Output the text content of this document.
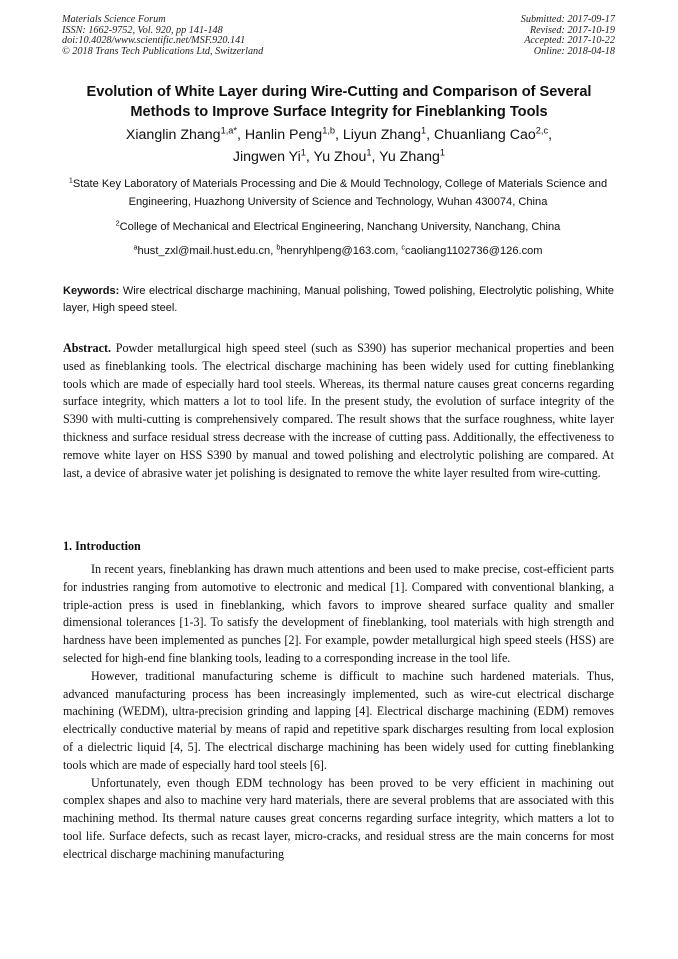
Materials Science Forum
ISSN: 1662-9752, Vol. 920, pp 141-148
doi:10.4028/www.scientific.net/MSF.920.141
© 2018 Trans Tech Publications Ltd, Switzerland
Submitted: 2017-09-17
Revised: 2017-10-19
Accepted: 2017-10-22
Online: 2018-04-18
Evolution of White Layer during Wire-Cutting and Comparison of Several
Methods to Improve Surface Integrity for Fineblanking Tools
Xianglin Zhang$^{1,a*}$, Hanlin Peng$^{1,b}$, Liyun Zhang$^1$, Chuanliang Cao$^{2,c}$,
Jingwen Yi$^1$, Yu Zhou$^1$, Yu Zhang$^1$
$^1$State Key Laboratory of Materials Processing and Die & Mould Technology, College of Materials Science and Engineering, Huazhong University of Science and Technology, Wuhan 430074, China
$^2$College of Mechanical and Electrical Engineering, Nanchang University, Nanchang, China
$^a$hust_zxl@mail.hust.edu.cn, $^b$henryhlpeng@163.com, $^c$caoliang1102736@126.com
Keywords: Wire electrical discharge machining, Manual polishing, Towed polishing, Electrolytic polishing, White layer, High speed steel.
Abstract. Powder metallurgical high speed steel (such as S390) has superior mechanical properties and been used as fineblanking tools. The electrical discharge machining has been widely used for cutting fineblanking tools which are made of especially hard tool steels. Whereas, its thermal nature causes great concerns regarding surface integrity, which matters a lot to tool life. In the present study, the evolution of surface integrity of the S390 with multi-cutting is comprehensively compared. The result shows that the surface roughness, white layer thickness and surface residual stress decrease with the increase of cutting pass. Additionally, the effectiveness to remove white layer on HSS S390 by manual and towed polishing and electrolytic polishing are compared. At last, a device of abrasive water jet polishing is designated to remove the white layer resulted from wire-cutting.
1. Introduction

In recent years, fineblanking has drawn much attentions and been used to make precise, cost-efficient parts for industries ranging from automotive to electronic and medical [1]. Compared with conventional blanking, a triple-action press is used in fineblanking, which favors to improve sheared surface quality and smaller dimensional tolerances [1-3]. To satisfy the development of fineblanking, tool materials with high strength and hardness have been implemented as punches [2]. For example, powder metallurgical high speed steels (HSS) are selected for high-end fine blanking tools, leading to a corresponding increase in the tool life.

However, traditional manufacturing scheme is difficult to machine such hardened materials. Thus, advanced manufacturing process has been increasingly implemented, such as wire-cut electrical discharge machining (WEDM), ultra-precision grinding and lapping [4]. Electrical discharge machining (EDM) removes electrically conductive material by means of rapid and repetitive spark discharges resulting from local explosion of a dielectric liquid [4, 5]. The electrical discharge machining has been widely used for cutting fineblanking tools which are made of especially hard tool steels [6].

Unfortunately, even though EDM technology has been proved to be very efficient in machining out complex shapes and also to machine very hard materials, there are several problems that are associated with this machining method. Its thermal nature causes great concerns regarding surface integrity, which matters a lot to tool life. Surface defects, such as recast layer, micro-cracks, and residual stress are the main concerns for most electrical discharge machining manufacturing
